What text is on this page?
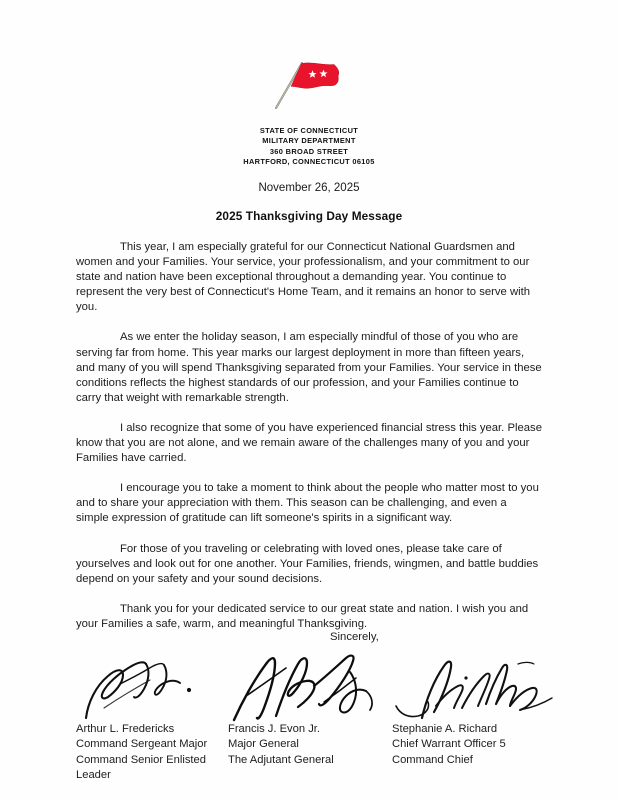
STATE OF CONNECTICUT
MILITARY DEPARTMENT
360 BROAD STREET
HARTFORD, CONNECTICUT 06105
November 26, 2025
2025 Thanksgiving Day Message

This year, I am especially grateful for our Connecticut National Guardsmen and women and your Families. Your service, your professionalism, and your commitment to our state and nation have been exceptional throughout a demanding year. You continue to represent the very best of Connecticut's Home Team, and it remains an honor to serve with you.

As we enter the holiday season, I am especially mindful of those of you who are serving far from home. This year marks our largest deployment in more than fifteen years, and many of you will spend Thanksgiving separated from your Families. Your service in these conditions reflects the highest standards of our profession, and your Families continue to carry that weight with remarkable strength.

I also recognize that some of you have experienced financial stress this year. Please know that you are not alone, and we remain aware of the challenges many of you and your Families have carried.

I encourage you to take a moment to think about the people who matter most to you and to share your appreciation with them. This season can be challenging, and even a simple expression of gratitude can lift someone's spirits in a significant way.

For those of you traveling or celebrating with loved ones, please take care of yourselves and look out for one another. Your Families, friends, wingmen, and battle buddies depend on your safety and your sound decisions.

Thank you for your dedicated service to our great state and nation. I wish you and your Families a safe, warm, and meaningful Thanksgiving.

Sincerely,
Arthur L. Fredericks
Command Sergeant Major
Command Senior Enlisted
Leader
Francis J. Evon Jr.
Major General
The Adjutant General
Stephanie A. Richard
Chief Warrant Officer 5
Command Chief
